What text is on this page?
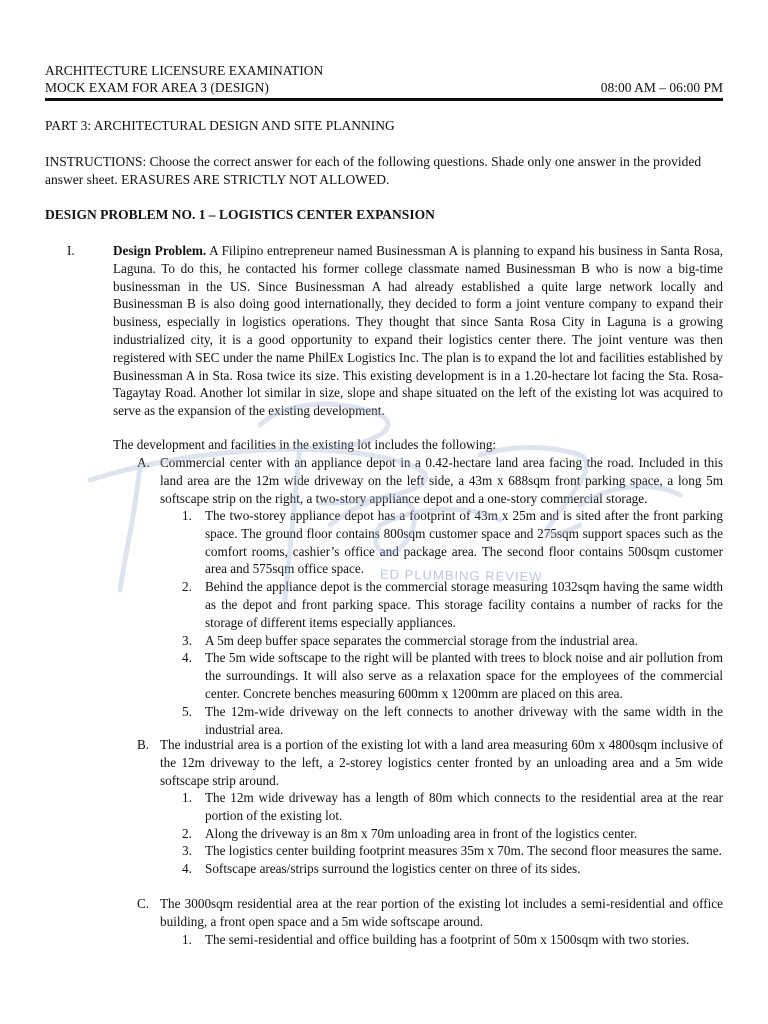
ARCHITECTURE LICENSURE EXAMINATION
MOCK EXAM FOR AREA 3 (DESIGN)	08:00 AM – 06:00 PM
PART 3: ARCHITECTURAL DESIGN AND SITE PLANNING
INSTRUCTIONS: Choose the correct answer for each of the following questions. Shade only one answer in the provided answer sheet. ERASURES ARE STRICTLY NOT ALLOWED.
DESIGN PROBLEM NO. 1 – LOGISTICS CENTER EXPANSION
I.	Design Problem. A Filipino entrepreneur named Businessman A is planning to expand his business in Santa Rosa, Laguna. To do this, he contacted his former college classmate named Businessman B who is now a big-time businessman in the US. Since Businessman A had already established a quite large network locally and Businessman B is also doing good internationally, they decided to form a joint venture company to expand their business, especially in logistics operations. They thought that since Santa Rosa City in Laguna is a growing industrialized city, it is a good opportunity to expand their logistics center there. The joint venture was then registered with SEC under the name PhilEx Logistics Inc. The plan is to expand the lot and facilities established by Businessman A in Sta. Rosa twice its size. This existing development is in a 1.20-hectare lot facing the Sta. Rosa-Tagaytay Road. Another lot similar in size, slope and shape situated on the left of the existing lot was acquired to serve as the expansion of the existing development.
The development and facilities in the existing lot includes the following:
A. Commercial center with an appliance depot in a 0.42-hectare land area facing the road. Included in this land area are the 12m wide driveway on the left side, a 43m x 688sqm front parking space, a long 5m softscape strip on the right, a two-story appliance depot and a one-story commercial storage.
1. The two-storey appliance depot has a footprint of 43m x 25m and is sited after the front parking space. The ground floor contains 800sqm customer space and 275sqm support spaces such as the comfort rooms, cashier’s office and package area. The second floor contains 500sqm customer area and 575sqm office space.
2. Behind the appliance depot is the commercial storage measuring 1032sqm having the same width as the depot and front parking space. This storage facility contains a number of racks for the storage of different items especially appliances.
3. A 5m deep buffer space separates the commercial storage from the industrial area.
4. The 5m wide softscape to the right will be planted with trees to block noise and air pollution from the surroundings. It will also serve as a relaxation space for the employees of the commercial center. Concrete benches measuring 600mm x 1200mm are placed on this area.
5. The 12m-wide driveway on the left connects to another driveway with the same width in the industrial area.
B. The industrial area is a portion of the existing lot with a land area measuring 60m x 4800sqm inclusive of the 12m driveway to the left, a 2-storey logistics center fronted by an unloading area and a 5m wide softscape strip around.
1. The 12m wide driveway has a length of 80m which connects to the residential area at the rear portion of the existing lot.
2. Along the driveway is an 8m x 70m unloading area in front of the logistics center.
3. The logistics center building footprint measures 35m x 70m. The second floor measures the same.
4. Softscape areas/strips surround the logistics center on three of its sides.
C. The 3000sqm residential area at the rear portion of the existing lot includes a semi-residential and office building, a front open space and a 5m wide softscape around.
1. The semi-residential and office building has a footprint of 50m x 1500sqm with two stories.
ED PLUMBING REVIEW
